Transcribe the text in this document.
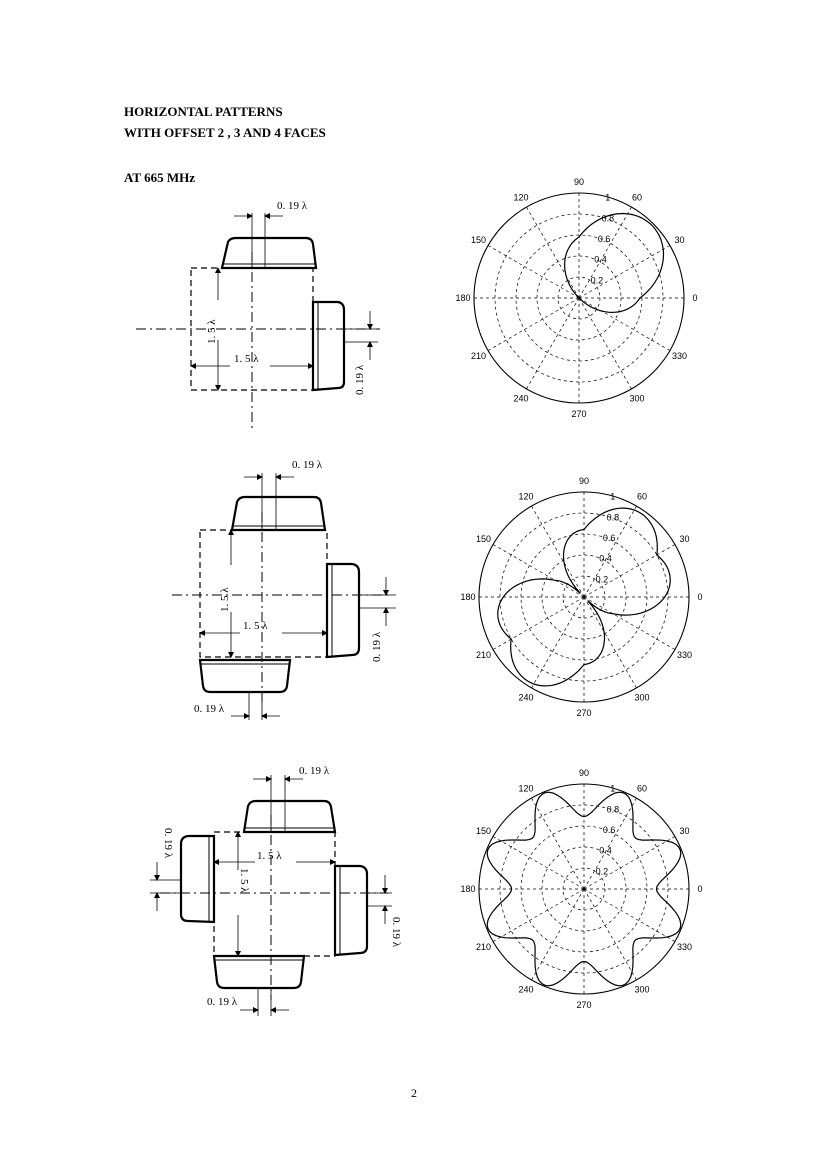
HORIZONTAL PATTERNS

WITH OFFSET 2 , 3 AND 4 FACES

AT 665 MHz

0. 19 λ
1. 5 λ
1. 5 λ
0. 19 λ
0. 19 λ
1. 5 λ
1. 5 λ
0. 19 λ
0. 19 λ
0. 19 λ
1. 5 λ
1. 5 λ
0. 19 λ
0. 19 λ
0. 19 λ
0
30
60
90
120
150
180
210
240
270
300
330
0.2
0.4
0.6
0.8
1
0
30
60
90
120
150
180
210
240
270
300
330
0.2
0.4
0.6
0.8
1
0
30
60
90
120
150
180
210
240
270
300
330
0.2
0.4
0.6
0.8
1
2
